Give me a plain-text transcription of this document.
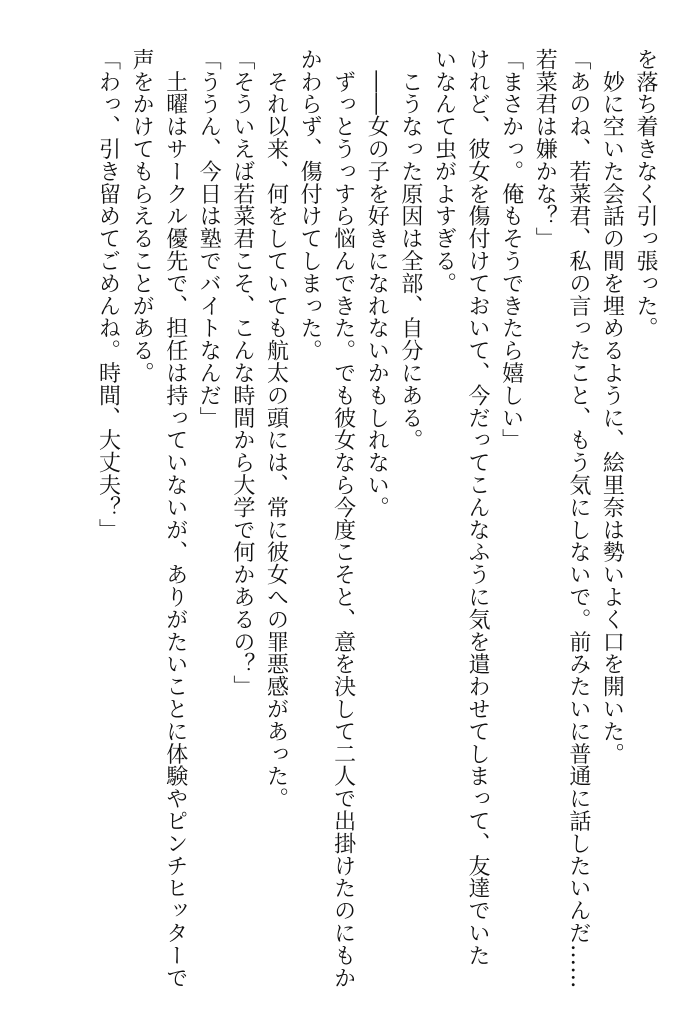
を落ち着きなく引っ張った。
　妙に空いた会話の間を埋めるように、絵里奈は勢いよく口を開いた。
「あのね、若菜君、私の言ったこと、もう気にしないで。前みたいに普通に話したいんだ……
若菜君は嫌かな？」
「まさかっ。俺もそうできたら嬉しい」
けれど、彼女を傷付けておいて、今だってこんなふうに気を遣わせてしまって、友達でいた
いなんて虫がよすぎる。
　こうなった原因は全部、自分にある。
　――女の子を好きになれないかもしれない。
　ずっとうっすら悩んできた。でも彼女なら今度こそと、意を決して二人で出掛けたのにもか
かわらず、傷付けてしまった。
　それ以来、何をしていても航太の頭には、常に彼女への罪悪感があった。
「そういえば若菜君こそ、こんな時間から大学で何かあるの？」
「ううん、今日は塾でバイトなんだ」
　土曜はサークル優先で、担任は持っていないが、ありがたいことに体験やピンチヒッターで
声をかけてもらえることがある。
「わっ、引き留めてごめんね。時間、大丈夫？」
